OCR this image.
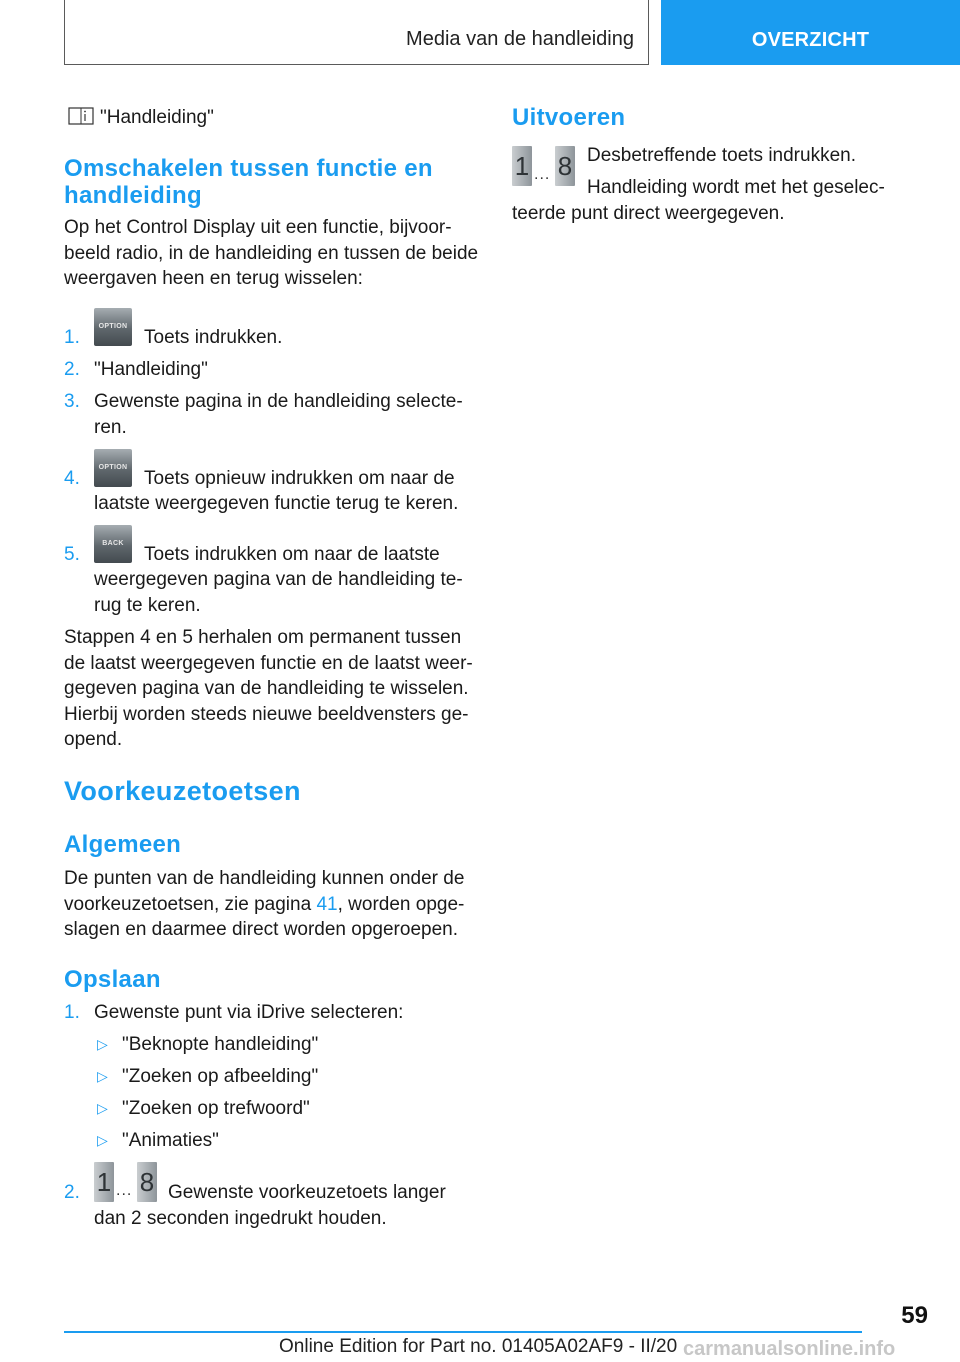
Media van de handleiding	OVERZICHT
"Handleiding"
Omschakelen tussen functie en
handleiding
Op het Control Display uit een functie, bijvoor-
beeld radio, in de handleiding en tussen de beide
weergaven heen en terug wisselen:
1.
OPTION
Toets indrukken.
2. "Handleiding"
3. Gewenste pagina in de handleiding selecte-
ren.
4.
OPTION
Toets opnieuw indrukken om naar de
laatste weergegeven functie terug te keren.
5.
BACK
Toets indrukken om naar de laatste
weergegeven pagina van de handleiding te-
rug te keren.
Stappen 4 en 5 herhalen om permanent tussen
de laatst weergegeven functie en de laatst weer-
gegeven pagina van de handleiding te wisselen.
Hierbij worden steeds nieuwe beeldvensters ge-
opend.
Voorkeuzetoetsen
Algemeen
De punten van de handleiding kunnen onder de
voorkeuzetoetsen, zie pagina 41, worden opge-
slagen en daarmee direct worden opgeroepen.
Opslaan
1. Gewenste punt via iDrive selecteren:
▷ "Beknopte handleiding"
▷ "Zoeken op afbeelding"
▷ "Zoeken op trefwoord"
▷ "Animaties"
2. 1 ... 8 Gewenste voorkeuzetoets langer
dan 2 seconden ingedrukt houden.
Uitvoeren
1 ... 8 Desbetreffende toets indrukken.
Handleiding wordt met het geselec-
teerde punt direct weergegeven.
59
Online Edition for Part no. 01405A02AF9 - II/20 carmanualsonline.info
